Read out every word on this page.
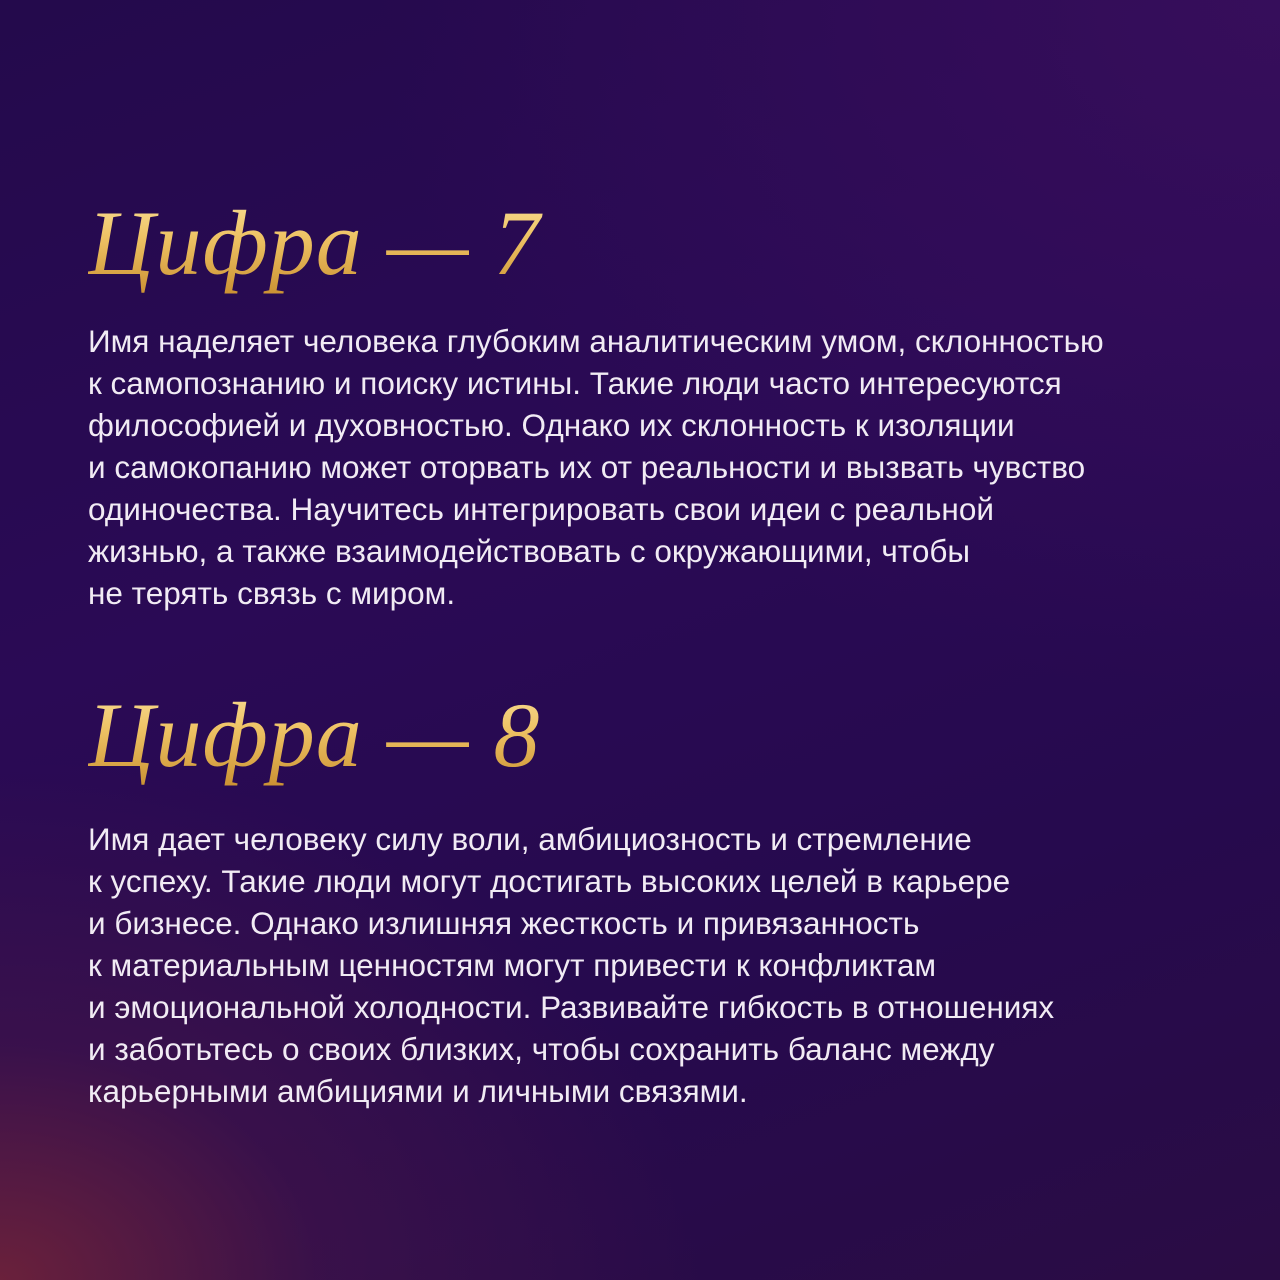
Цифра — 7

Имя наделяет человека глубоким аналитическим умом, склонностью
к самопознанию и поиску истины. Такие люди часто интересуются
философией и духовностью. Однако их склонность к изоляции
и самокопанию может оторвать их от реальности и вызвать чувство
одиночества. Научитесь интегрировать свои идеи с реальной
жизнью, а также взаимодействовать с окружающими, чтобы
не терять связь с миром.

Цифра — 8

Имя дает человеку силу воли, амбициозность и стремление
к успеху. Такие люди могут достигать высоких целей в карьере
и бизнесе. Однако излишняя жесткость и привязанность
к материальным ценностям могут привести к конфликтам
и эмоциональной холодности. Развивайте гибкость в отношениях
и заботьтесь о своих близких, чтобы сохранить баланс между
карьерными амбициями и личными связями.
